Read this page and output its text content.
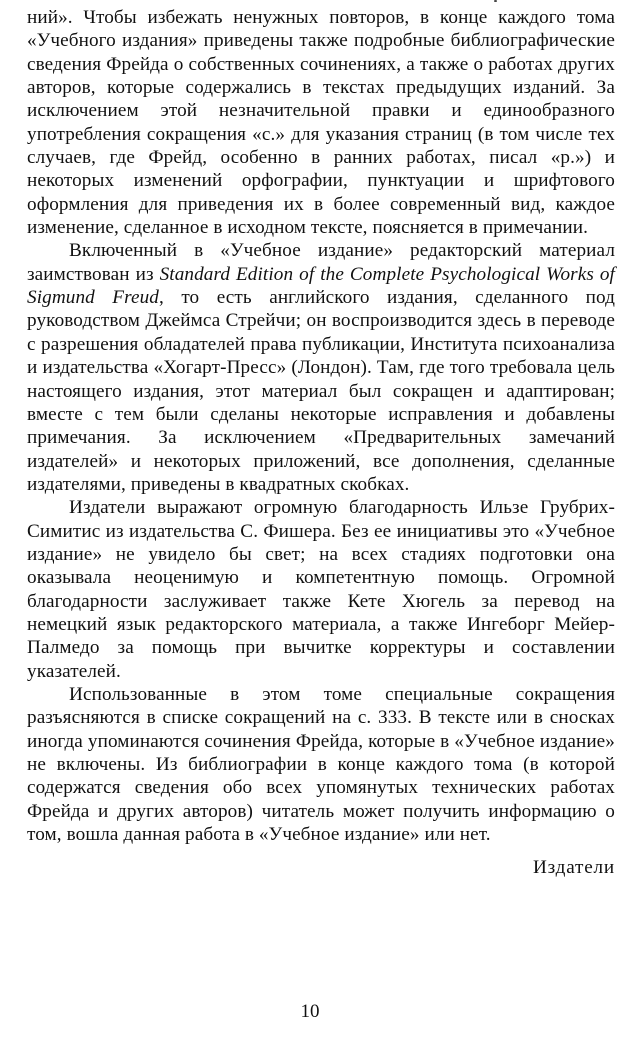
ний». Чтобы избежать ненужных повторов, в конце каждого тома «Учебного издания» приведены также подробные библиографические сведения Фрейда о собственных сочинениях, а также о работах других авторов, которые содержались в текстах предыдущих изданий. За исключением этой незначительной правки и единообразного употребления сокращения «с.» для указания страниц (в том числе тех случаев, где Фрейд, особенно в ранних работах, писал «р.») и некоторых изменений орфографии, пунктуации и шрифтового оформления для приведения их в более современный вид, каждое изменение, сделанное в исходном тексте, поясняется в примечании.

Включенный в «Учебное издание» редакторский материал заимствован из Standard Edition of the Complete Psychological Works of Sigmund Freud, то есть английского издания, сделанного под руководством Джеймса Стрейчи; он воспроизводится здесь в переводе с разрешения обладателей права публикации, Института психоанализа и издательства «Хогарт-Пресс» (Лондон). Там, где того требовала цель настоящего издания, этот материал был сокращен и адаптирован; вместе с тем были сделаны некоторые исправления и добавлены примечания. За исключением «Предварительных замечаний издателей» и некоторых приложений, все дополнения, сделанные издателями, приведены в квадратных скобках.

Издатели выражают огромную благодарность Ильзе Грубрих-Симитис из издательства С. Фишера. Без ее инициативы это «Учебное издание» не увидело бы свет; на всех стадиях подготовки она оказывала неоценимую и компетентную помощь. Огромной благодарности заслуживает также Кете Хюгель за перевод на немецкий язык редакторского материала, а также Ингеборг Мейер-Палмедо за помощь при вычитке корректуры и составлении указателей.

Использованные в этом томе специальные сокращения разъясняются в списке сокращений на с. 333. В тексте или в сносках иногда упоминаются сочинения Фрейда, которые в «Учебное издание» не включены. Из библиографии в конце каждого тома (в которой содержатся сведения обо всех упомянутых технических работах Фрейда и других авторов) читатель может получить информацию о том, вошла данная работа в «Учебное издание» или нет.

Издатели
10
